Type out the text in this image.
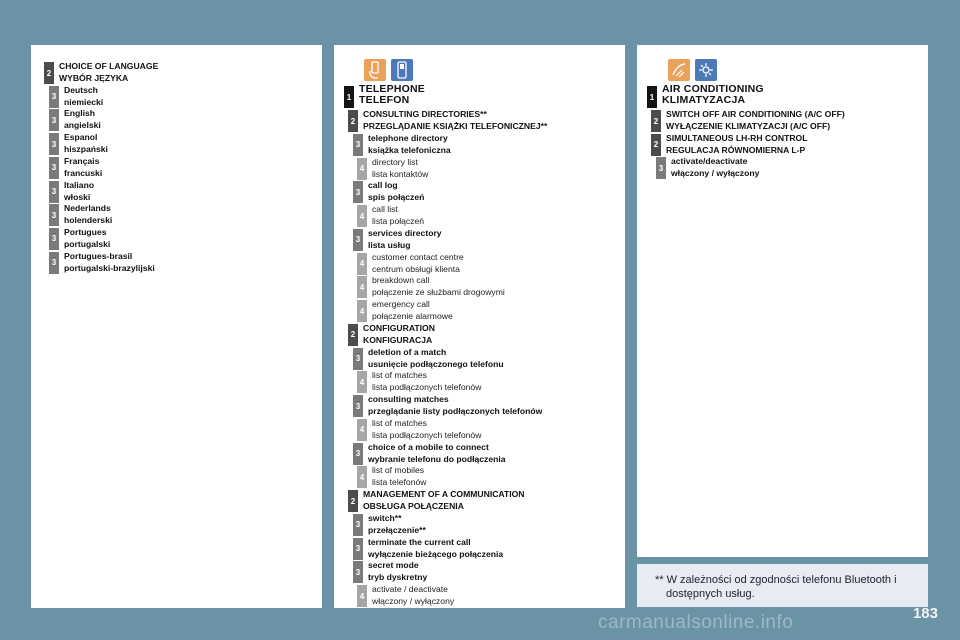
** W zależności od zgodności telefonu Bluetooth i dostępnych usług.
183
carmanualsonline.info
2
CHOICE OF LANGUAGE
WYBÓR JĘZYKA
3
Deutsch
niemiecki
3
English
angielski
3
Espanol
hiszpański
3
Français
francuski
3
Italiano
włoski
3
Nederlands
holenderski
3
Portugues
portugalski
3
Portugues-brasil
portugalski-brazylijski
1
TELEPHONE
TELEFON
2
CONSULTING DIRECTORIES**
PRZEGLĄDANIE KSIĄŻKI TELEFONICZNEJ**
3
telephone directory
książka telefoniczna
4
directory list
lista kontaktów
3
call log
spis połączeń
4
call list
lista połączeń
3
services directory
lista usług
4
customer contact centre
centrum obsługi klienta
4
breakdown call
połączenie ze służbami drogowymi
4
emergency call
połączenie alarmowe
2
CONFIGURATION
KONFIGURACJA
3
deletion of a match
usunięcie podłączonego telefonu
4
list of matches
lista podłączonych telefonów
3
consulting matches
przeglądanie listy podłączonych telefonów
4
list of matches
lista podłączonych telefonów
3
choice of a mobile to connect
wybranie telefonu do podłączenia
4
list of mobiles
lista telefonów
2
MANAGEMENT OF A COMMUNICATION
OBSŁUGA POŁĄCZENIA
3
switch**
przełączenie**
3
terminate the current call
wyłączenie bieżącego połączenia
3
secret mode
tryb dyskretny
4
activate / deactivate
włączony / wyłączony
1
AIR CONDITIONING
KLIMATYZACJA
2
SWITCH OFF AIR CONDITIONING (A/C OFF)
WYŁĄCZENIE KLIMATYZACJI (A/C OFF)
2
SIMULTANEOUS LH-RH CONTROL
REGULACJA RÓWNOMIERNA L-P
3
activate/deactivate
włączony / wyłączony
